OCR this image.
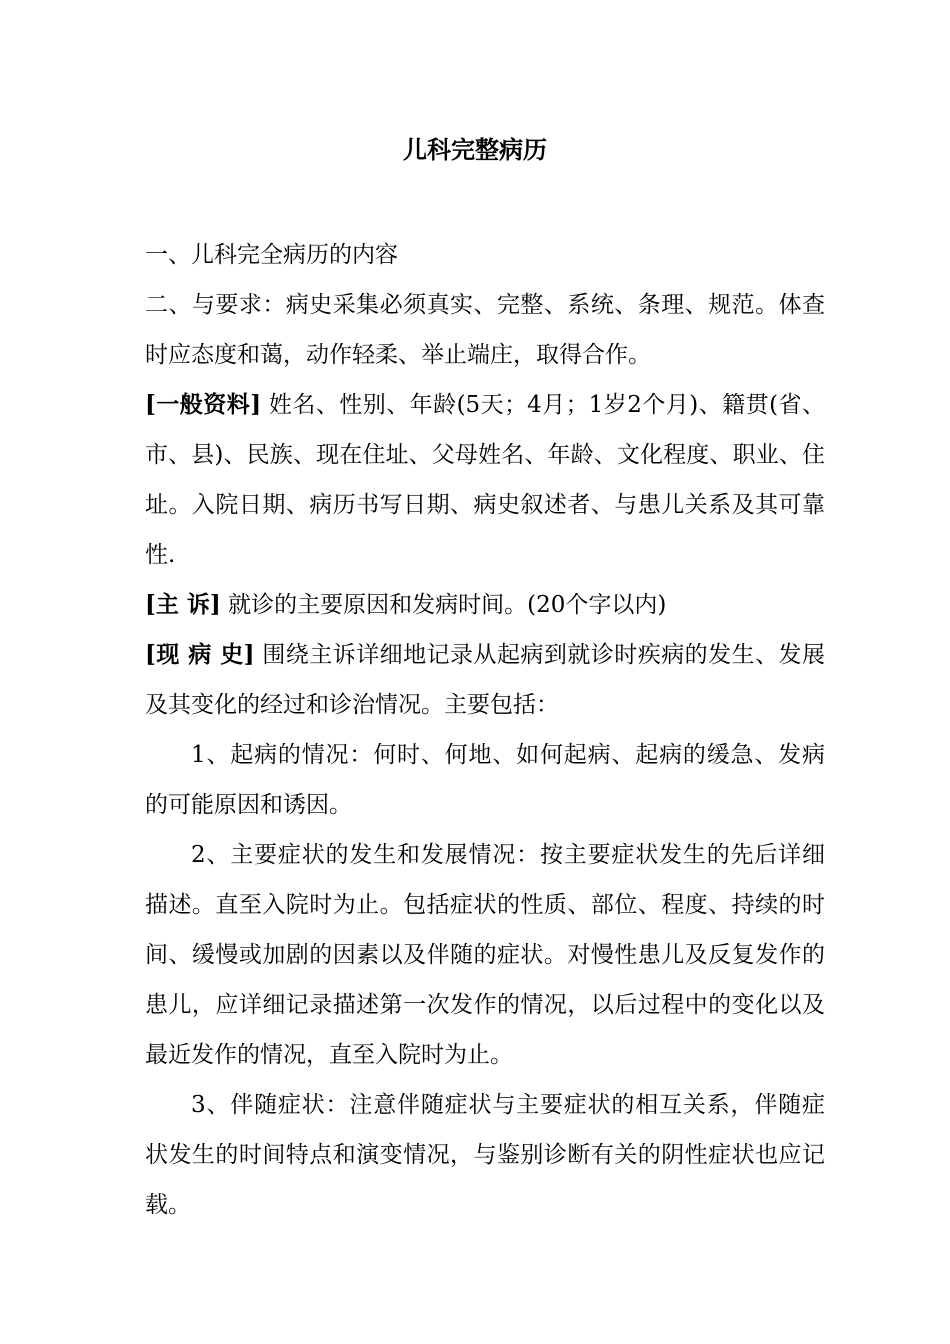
儿科完整病历

一、儿科完全病历的内容

二、与要求：病史采集必须真实、完整、系统、条理、规范。体查时应态度和蔼，动作轻柔、举止端庄，取得合作。

[一般资料] 姓名、性别、年龄(5天；4月；1岁2个月)、籍贯(省、市、县)、民族、现在住址、父母姓名、年龄、文化程度、职业、住址。入院日期、病历书写日期、病史叙述者、与患儿关系及其可靠性.

[主 诉] 就诊的主要原因和发病时间。(20个字以内)

[现 病 史] 围绕主诉详细地记录从起病到就诊时疾病的发生、发展及其变化的经过和诊治情况。主要包括：

1、起病的情况：何时、何地、如何起病、起病的缓急、发病的可能原因和诱因。

2、主要症状的发生和发展情况：按主要症状发生的先后详细描述。直至入院时为止。包括症状的性质、部位、程度、持续的时间、缓慢或加剧的因素以及伴随的症状。对慢性患儿及反复发作的患儿，应详细记录描述第一次发作的情况，以后过程中的变化以及最近发作的情况，直至入院时为止。

3、伴随症状：注意伴随症状与主要症状的相互关系，伴随症状发生的时间特点和演变情况，与鉴别诊断有关的阴性症状也应记载。
